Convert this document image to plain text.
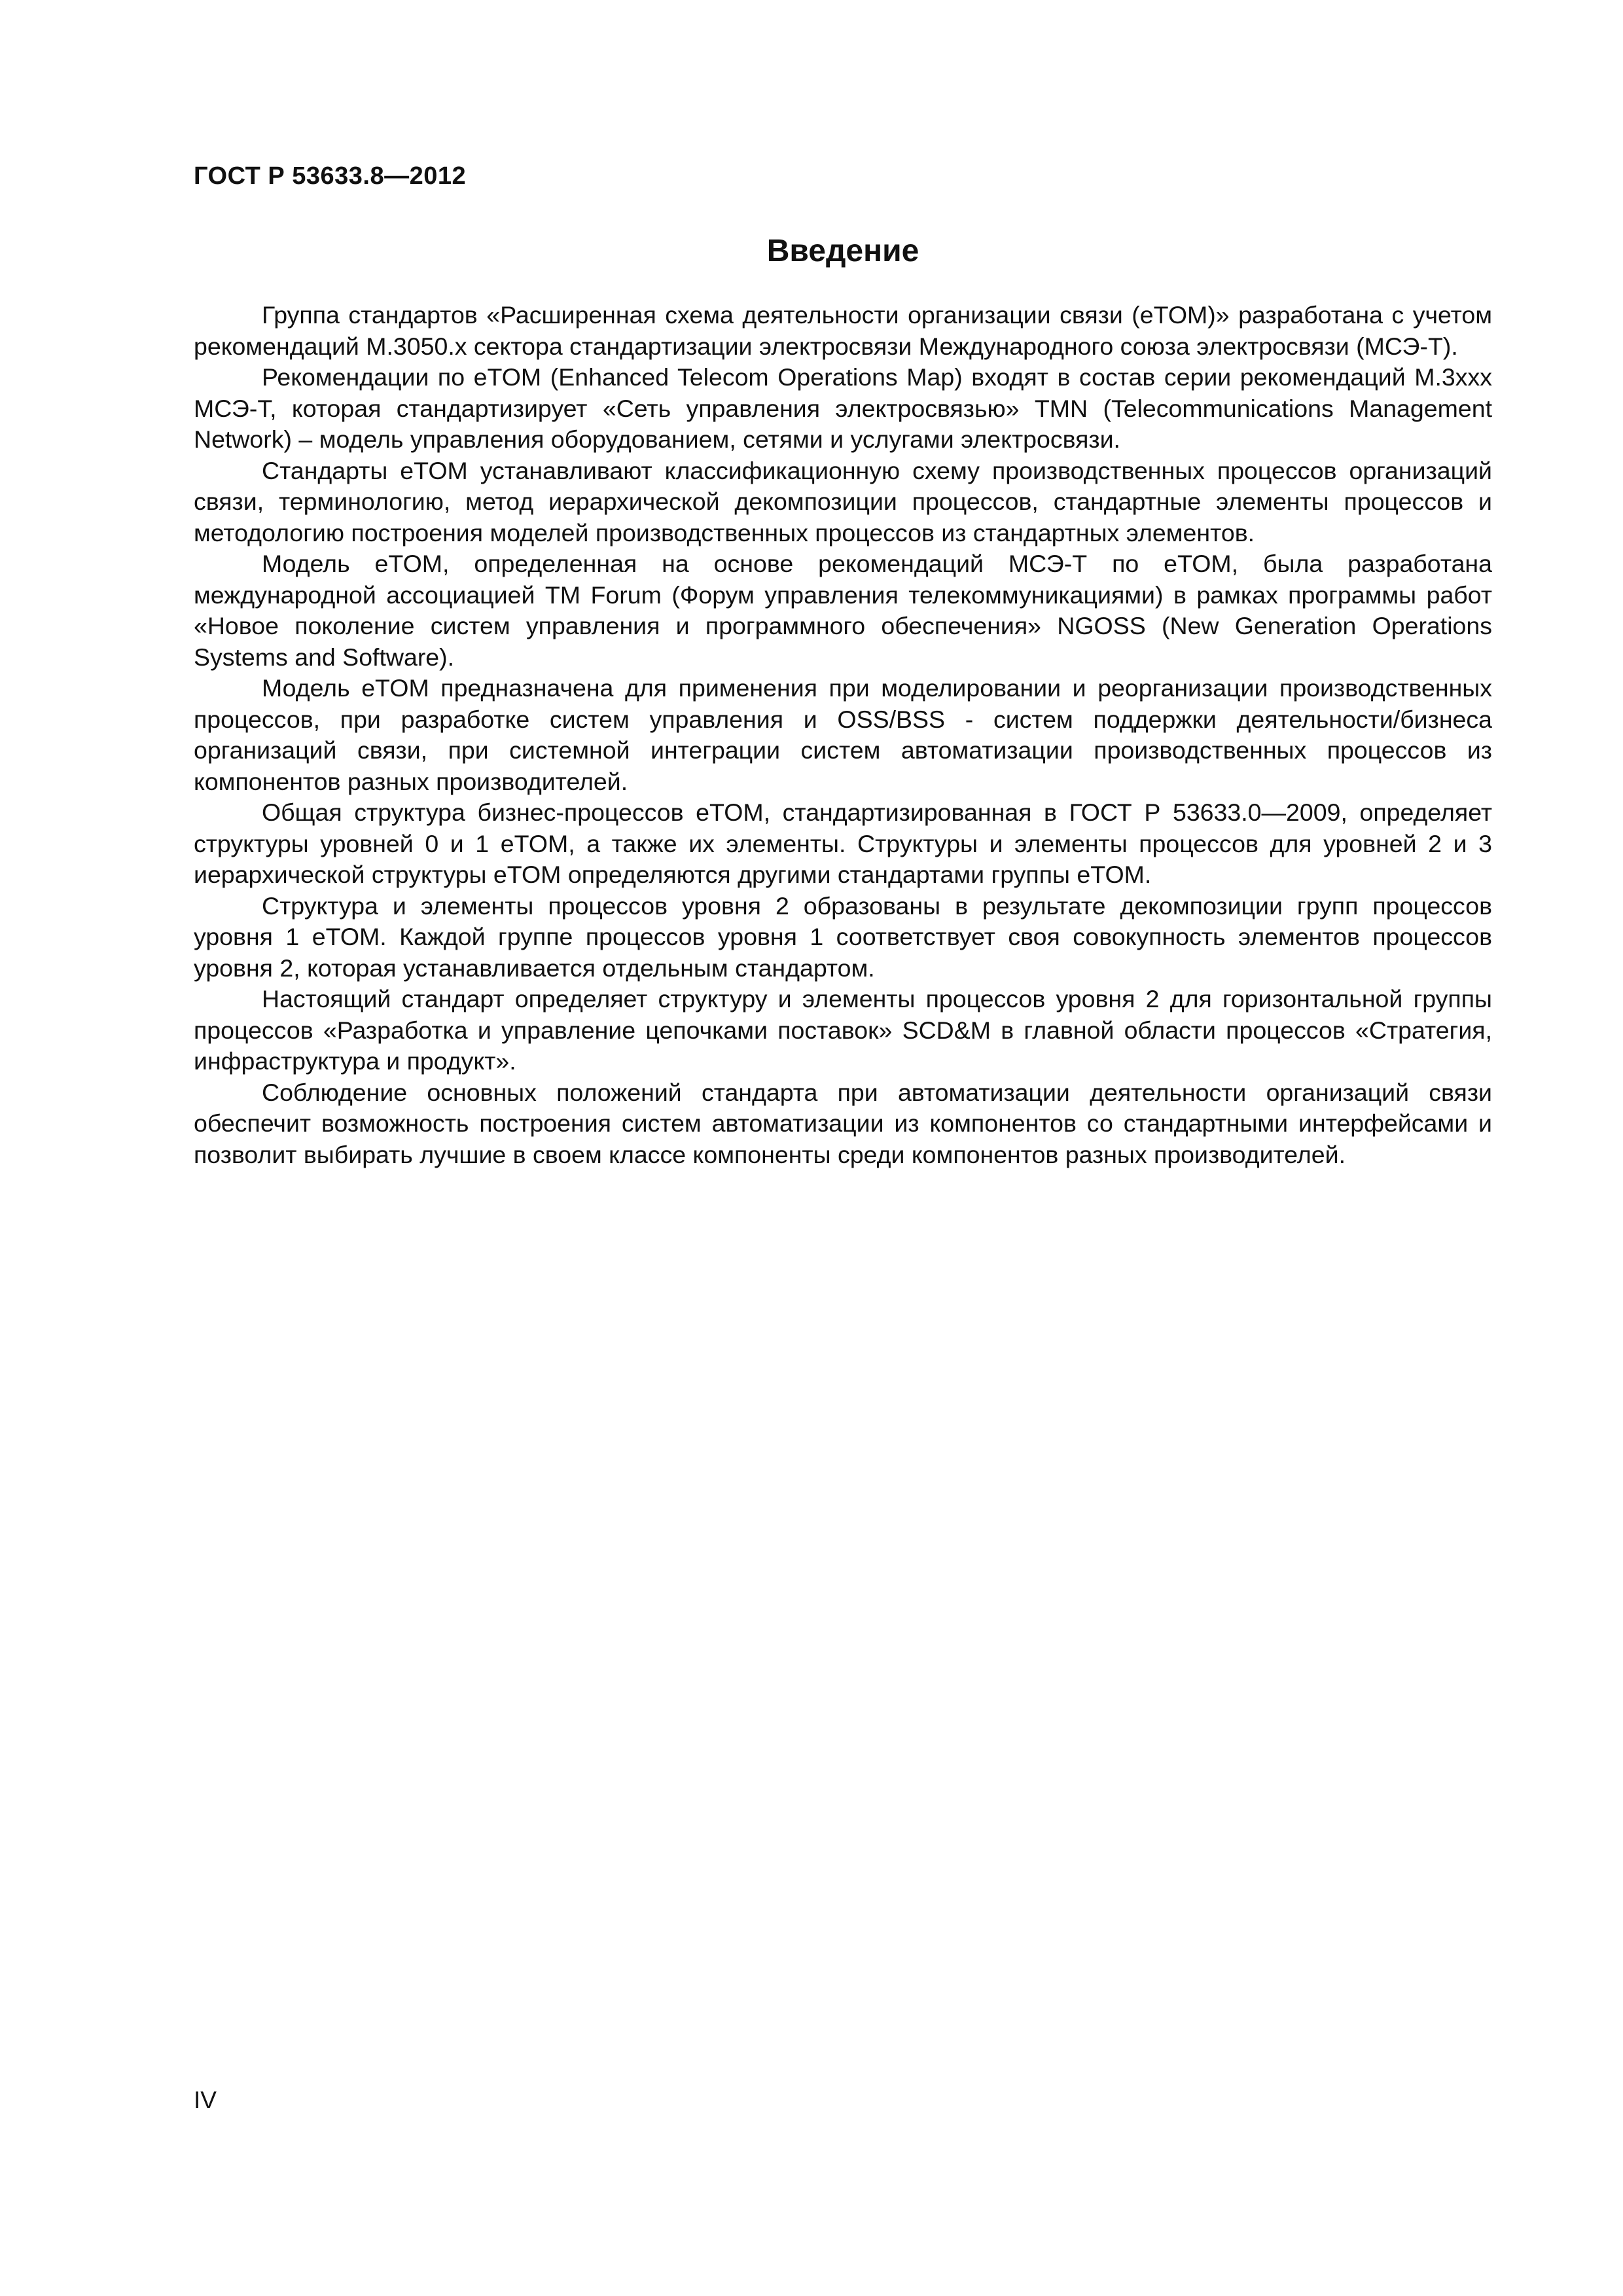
ГОСТ Р 53633.8—2012
Введение

Группа стандартов «Расширенная схема деятельности организации связи (eTOM)» разработана с учетом рекомендаций М.3050.х сектора стандартизации электросвязи Международного союза электросвязи (МСЭ-Т).

Рекомендации по eTOM (Enhanced Telecom Operations Map) входят в состав серии рекомендаций М.3xxx МСЭ-Т, которая стандартизирует «Сеть управления электросвязью» TMN (Telecommunications Management Network) – модель управления оборудованием, сетями и услугами электросвязи.

Стандарты eTOM устанавливают классификационную схему производственных процессов организаций связи, терминологию, метод иерархической декомпозиции процессов, стандартные элементы процессов и методологию построения моделей производственных процессов из стандартных элементов.

Модель eTOM, определенная на основе рекомендаций МСЭ-Т по eTOM, была разработана международной ассоциацией TM Forum (Форум управления телекоммуникациями) в рамках программы работ «Новое поколение систем управления и программного обеспечения» NGOSS (New Generation Operations Systems and Software).

Модель eTOM предназначена для применения при моделировании и реорганизации производственных процессов, при разработке систем управления и OSS/BSS - систем поддержки деятельности/бизнеса организаций связи, при системной интеграции систем автоматизации производственных процессов из компонентов разных производителей.

Общая структура бизнес-процессов eTOM, стандартизированная в ГОСТ Р 53633.0—2009, определяет структуры уровней 0 и 1 eTOM, а также их элементы. Структуры и элементы процессов для уровней 2 и 3 иерархической структуры eTOM определяются другими стандартами группы eTOM.

Структура и элементы процессов уровня 2 образованы в результате декомпозиции групп процессов уровня 1 eTOM. Каждой группе процессов уровня 1 соответствует своя совокупность элементов процессов уровня 2, которая устанавливается отдельным стандартом.

Настоящий стандарт определяет структуру и элементы процессов уровня 2 для горизонтальной группы процессов «Разработка и управление цепочками поставок» SCD&M в главной области процессов «Стратегия, инфраструктура и продукт».

Соблюдение основных положений стандарта при автоматизации деятельности организаций связи обеспечит возможность построения систем автоматизации из компонентов со стандартными интерфейсами и позволит выбирать лучшие в своем классе компоненты среди компонентов разных производителей.

IV
